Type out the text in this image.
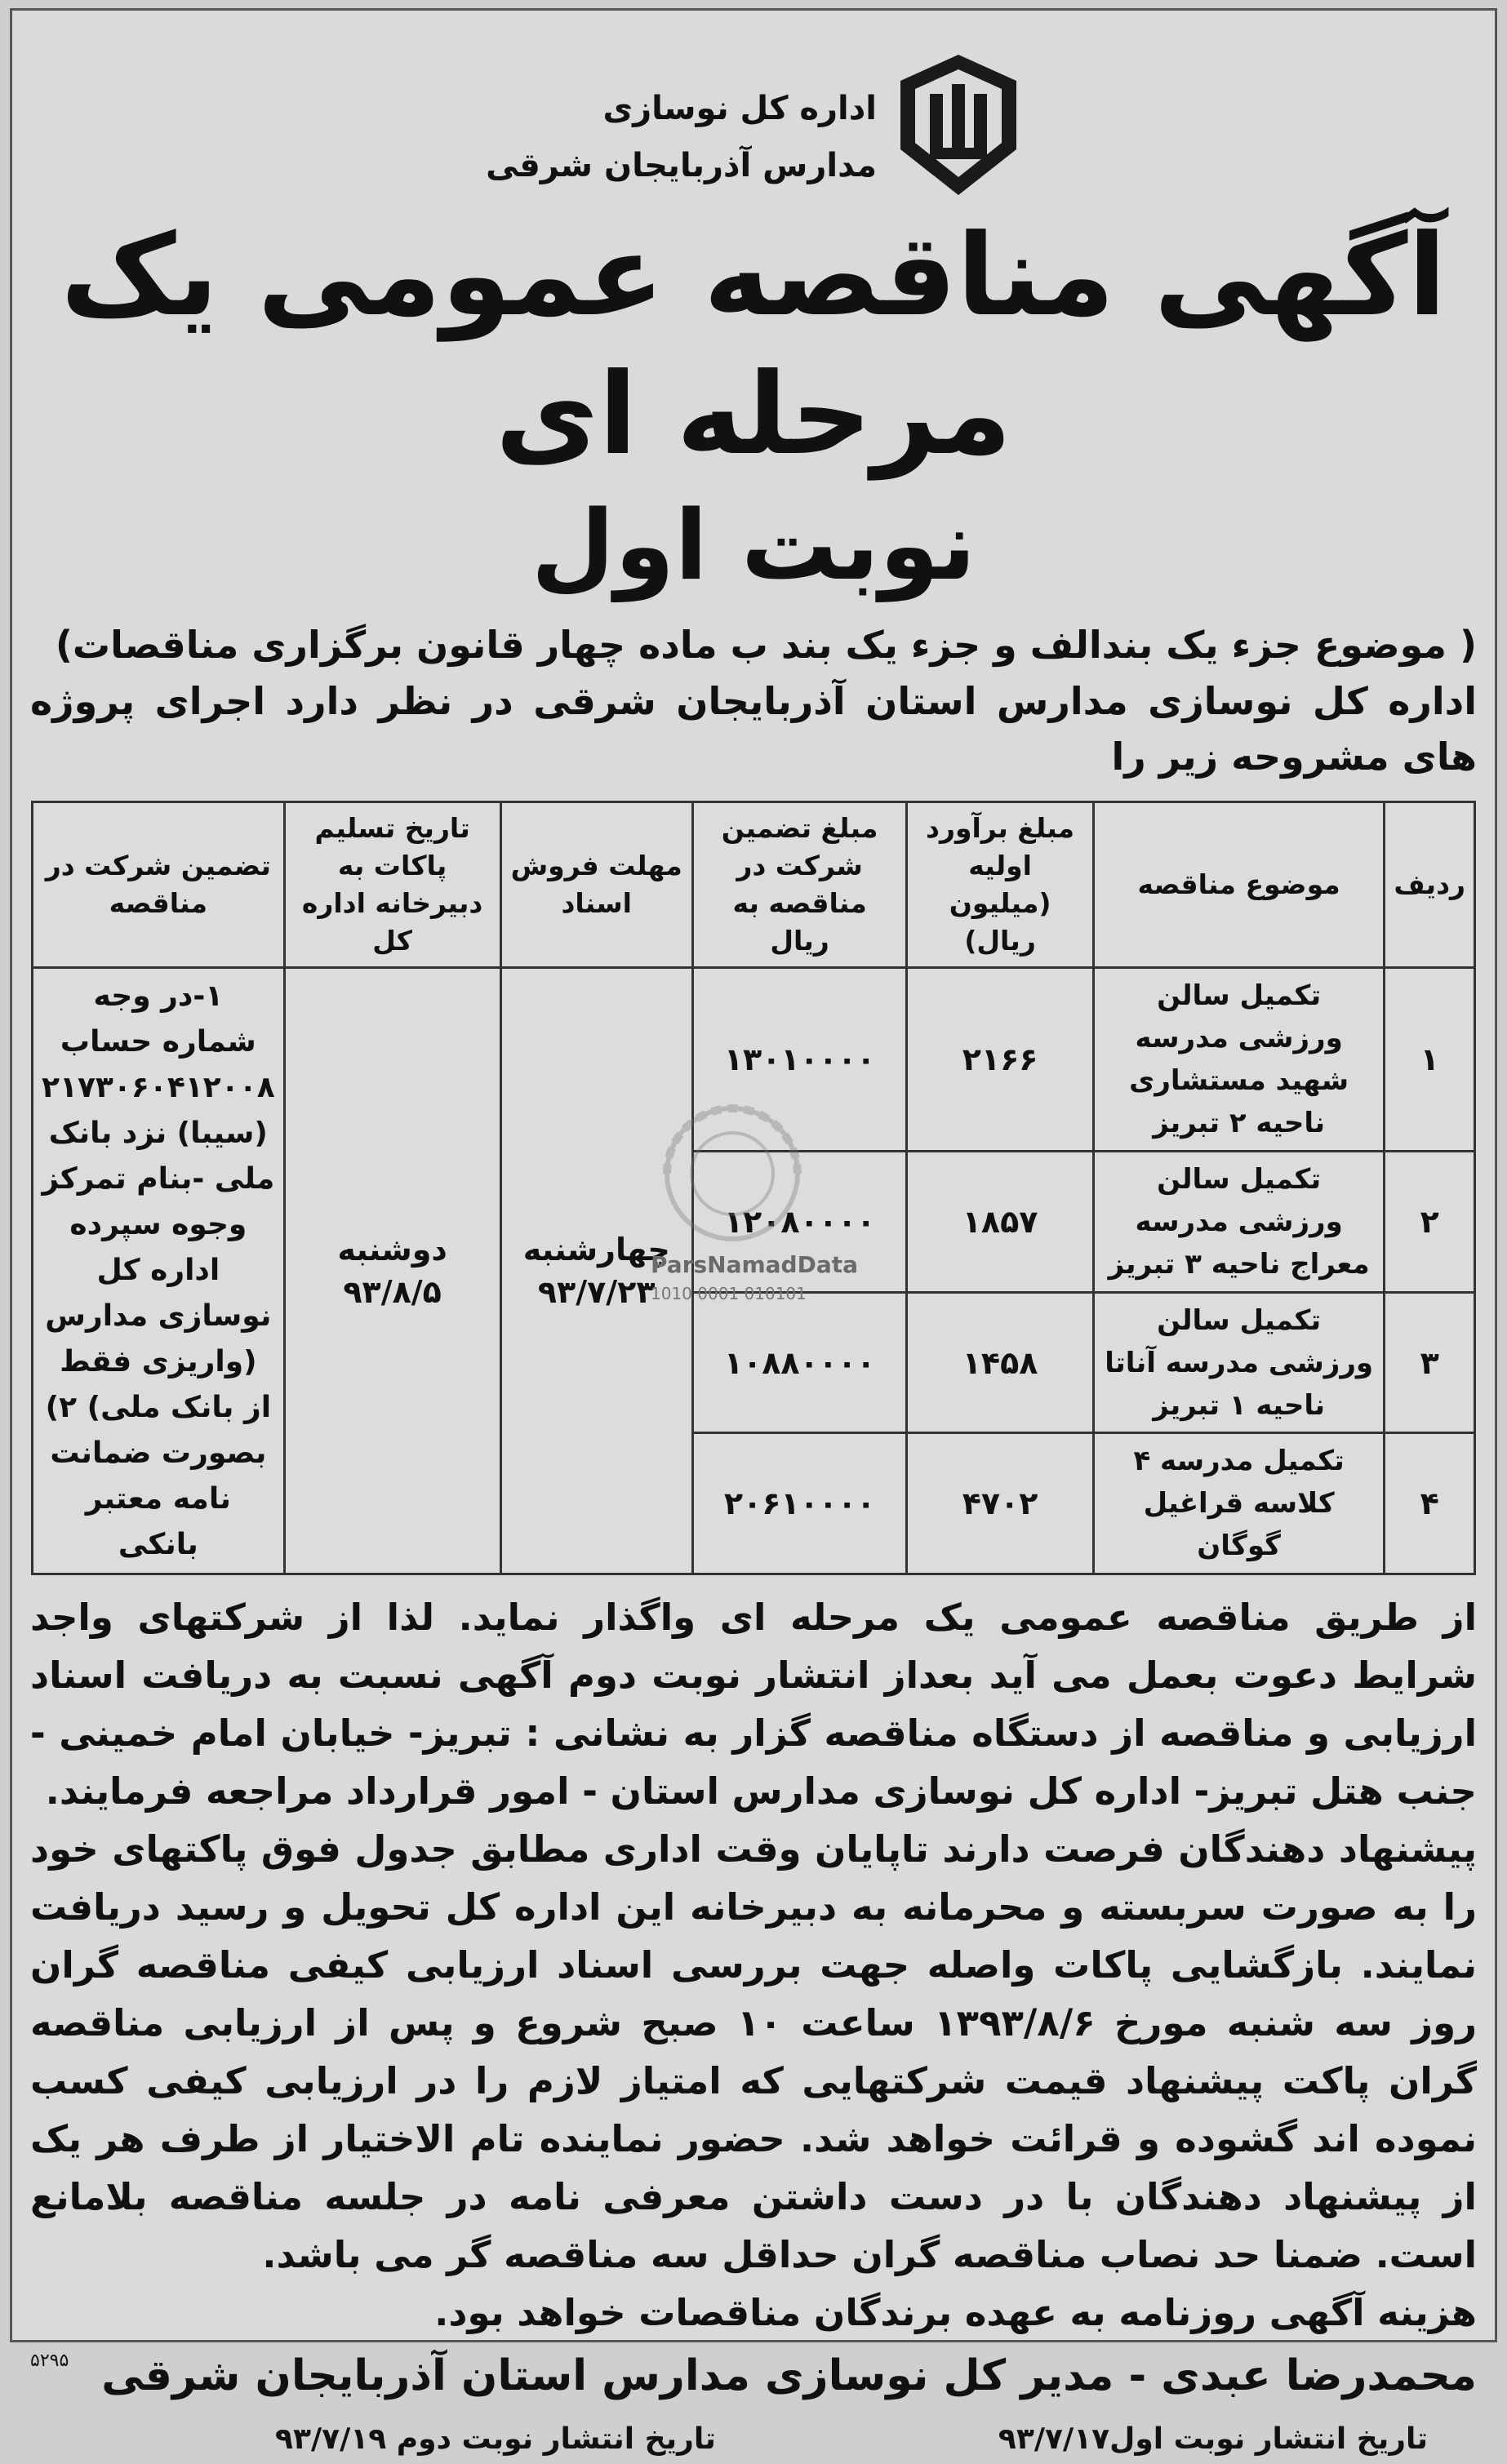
اداره کل نوسازی
مدارس آذربایجان شرقی
آگهی مناقصه عمومی یک مرحله ای
نوبت اول
( موضوع جزء یک بندالف و جزء یک بند ب ماده چهار قانون برگزاری مناقصات)
اداره کل نوسازی مدارس استان آذربایجان شرقی در نظر دارد اجرای پروژه های مشروحه زیر را
ردیف	موضوع مناقصه	مبلغ برآورد اولیه (میلیون ریال)	مبلغ تضمین شرکت در مناقصه به ریال	مهلت فروش اسناد	تاریخ تسلیم پاکات به دبیرخانه اداره کل	تضمین شرکت در مناقصه
۱	تکمیل سالن ورزشی مدرسه شهید مستشاری ناحیه ۲ تبریز	۲۱۶۶	۱۳۰۱۰۰۰۰	چهارشنبه ۹۳/۷/۲۳	دوشنبه ۹۳/۸/۵	۱-در وجه شماره حساب ۲۱۷۳۰۶۰۴۱۲۰۰۸ (سیبا) نزد بانک ملی -بنام تمرکز وجوه سپرده اداره کل نوسازی مدارس (واریزی فقط از بانک ملی) ۲) بصورت ضمانت نامه معتبر بانکی
۲	تکمیل سالن ورزشی مدرسه معراج ناحیه ۳ تبریز	۱۸۵۷	۱۲۰۸۰۰۰۰			
۳	تکمیل سالن ورزشی مدرسه آناتا ناحیه ۱ تبریز	۱۴۵۸	۱۰۸۸۰۰۰۰			
۴	تکمیل مدرسه ۴ کلاسه قراغیل گوگان	۴۷۰۲	۲۰۶۱۰۰۰۰			

از طریق مناقصه عمومی یک مرحله ای واگذار نماید. لذا از شرکتهای واجد شرایط دعوت بعمل می آید بعداز انتشار نوبت دوم آگهی نسبت به دریافت اسناد ارزیابی و مناقصه از دستگاه مناقصه گزار به نشانی : تبریز- خیابان امام خمینی - جنب هتل تبریز- اداره کل نوسازی مدارس استان - امور قرارداد مراجعه فرمایند.

پیشنهاد دهندگان فرصت دارند تاپایان وقت اداری مطابق جدول فوق پاکتهای خود را به صورت سربسته و محرمانه به دبیرخانه این اداره کل تحویل و رسید دریافت نمایند. بازگشایی پاکات واصله جهت بررسی اسناد ارزیابی کیفی مناقصه گران روز سه شنبه مورخ ۱۳۹۳/۸/۶ ساعت ۱۰ صبح شروع و پس از ارزیابی مناقصه گران پاکت پیشنهاد قیمت شرکتهایی که امتیاز لازم را در ارزیابی کیفی کسب نموده اند گشوده و قرائت خواهد شد. حضور نماینده تام الاختیار از طرف هر یک از پیشنهاد دهندگان با در دست داشتن معرفی نامه در جلسه مناقصه بلامانع است. ضمنا حد نصاب مناقصه گران حداقل سه مناقصه گر می باشد.

هزینه آگهی روزنامه به عهده برندگان مناقصات خواهد بود.

۵۲۹۵ محمدرضا عبدی - مدیر کل نوسازی مدارس استان آذربایجان شرقی
تاریخ انتشار نوبت اول۹۳/۷/۱۷
تاریخ انتشار نوبت دوم ۹۳/۷/۱۹
ParsNamadData
010101 0001 1010
